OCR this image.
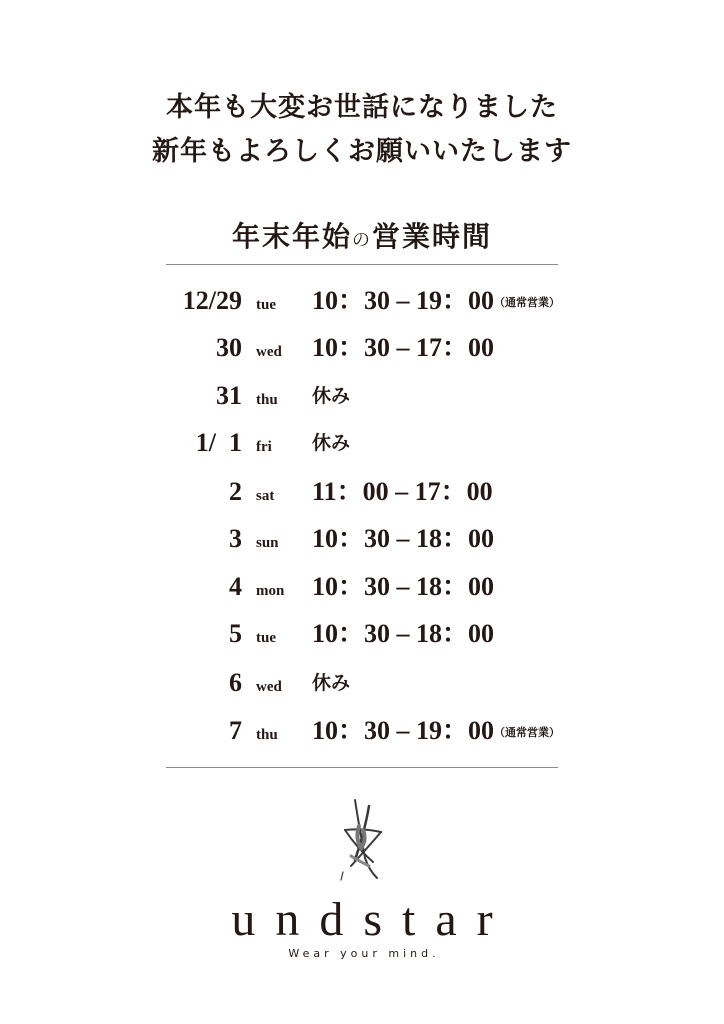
本年も大変お世話になりました
新年もよろしくお願いいたします
年末年始の営業時間
12/29 tue 10：30 – 19：00（通常営業）
30 wed 10：30 – 17：00
31 thu 休み
1/  1 fri 休み
2 sat 11：00 – 17：00
3 sun 10：30 – 18：00
4 mon 10：30 – 18：00
5 tue 10：30 – 18：00
6 wed 休み
7 thu 10：30 – 19：00（通常営業）
undstar
Wear your mind.
